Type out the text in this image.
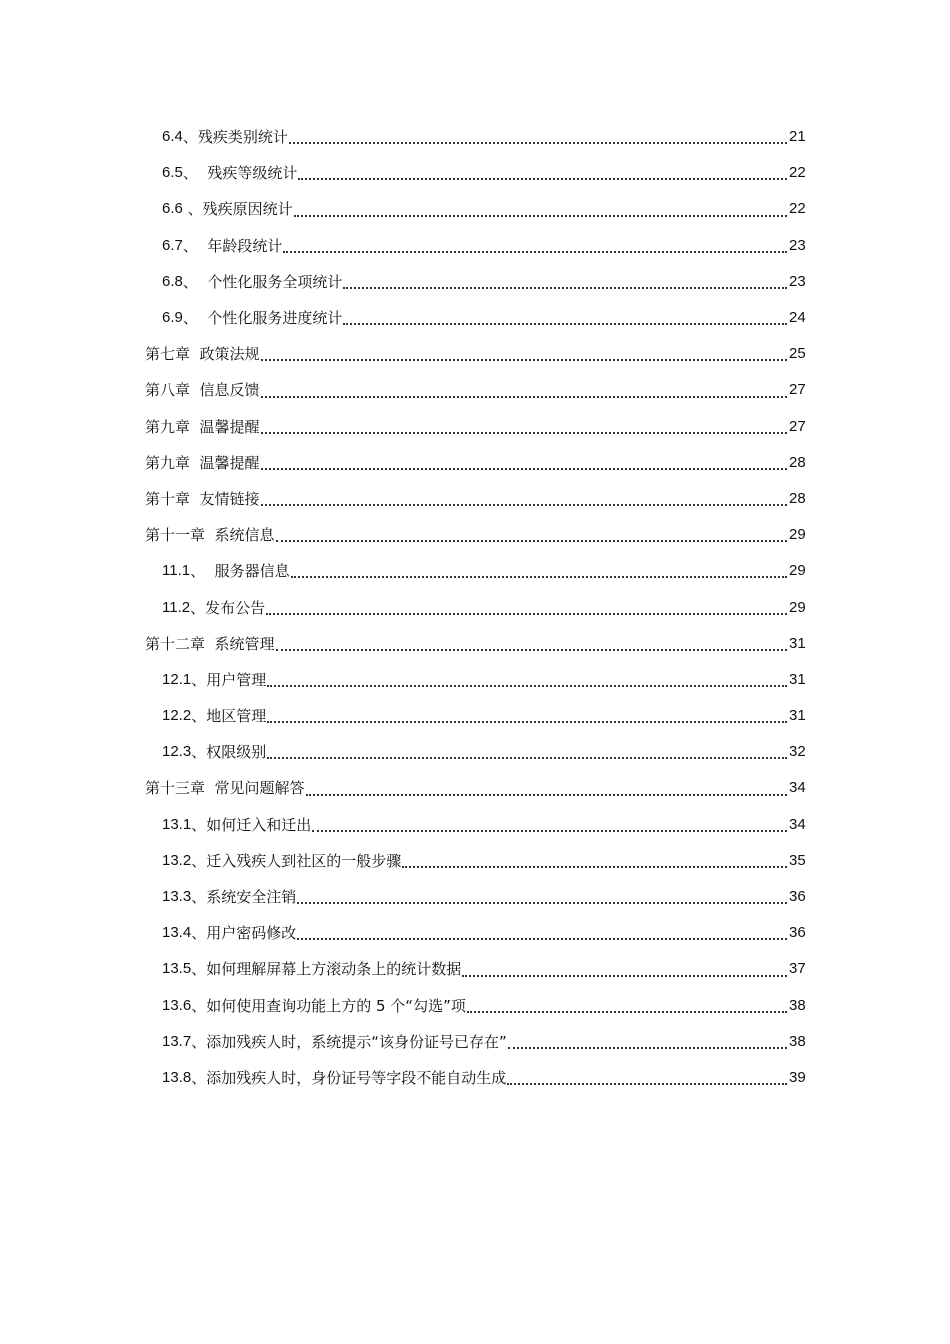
6.4 、 残疾类别统计	21
6.5 、 残疾等级统计	22
6.6 、 残疾原因统计	22
6.7 、 年龄段统计	23
6.8 、 个性化服务全项统计	23
6.9 、 个性化服务进度统计	24
第七章  政策法规	25
第八章  信息反馈	27
第九章  温馨提醒	27
第九章  温馨提醒	28
第十章  友情链接	28
第十一章  系统信息	29
11.1 、 服务器信息	29
11.2 、 发布公告	29
第十二章  系统管理	31
12.1 、 用户管理	31
12.2 、 地区管理	31
12.3 、 权限级别	32
第十三章  常见问题解答	34
13.1 、 如何迁入和迁出	34
13.2 、 迁入残疾人到社区的一般步骤	35
13.3 、 系统安全注销	36
13.4 、 用户密码修改	36
13.5 、 如何理解屏幕上方滚动条上的统计数据	37
13.6 、 如何使用查询功能上方的 5 个“勾选”项	38
13.7 、 添加残疾人时，系统提示“该身份证号已存在”	38
13.8 、 添加残疾人时，身份证号等字段不能自动生成	39
